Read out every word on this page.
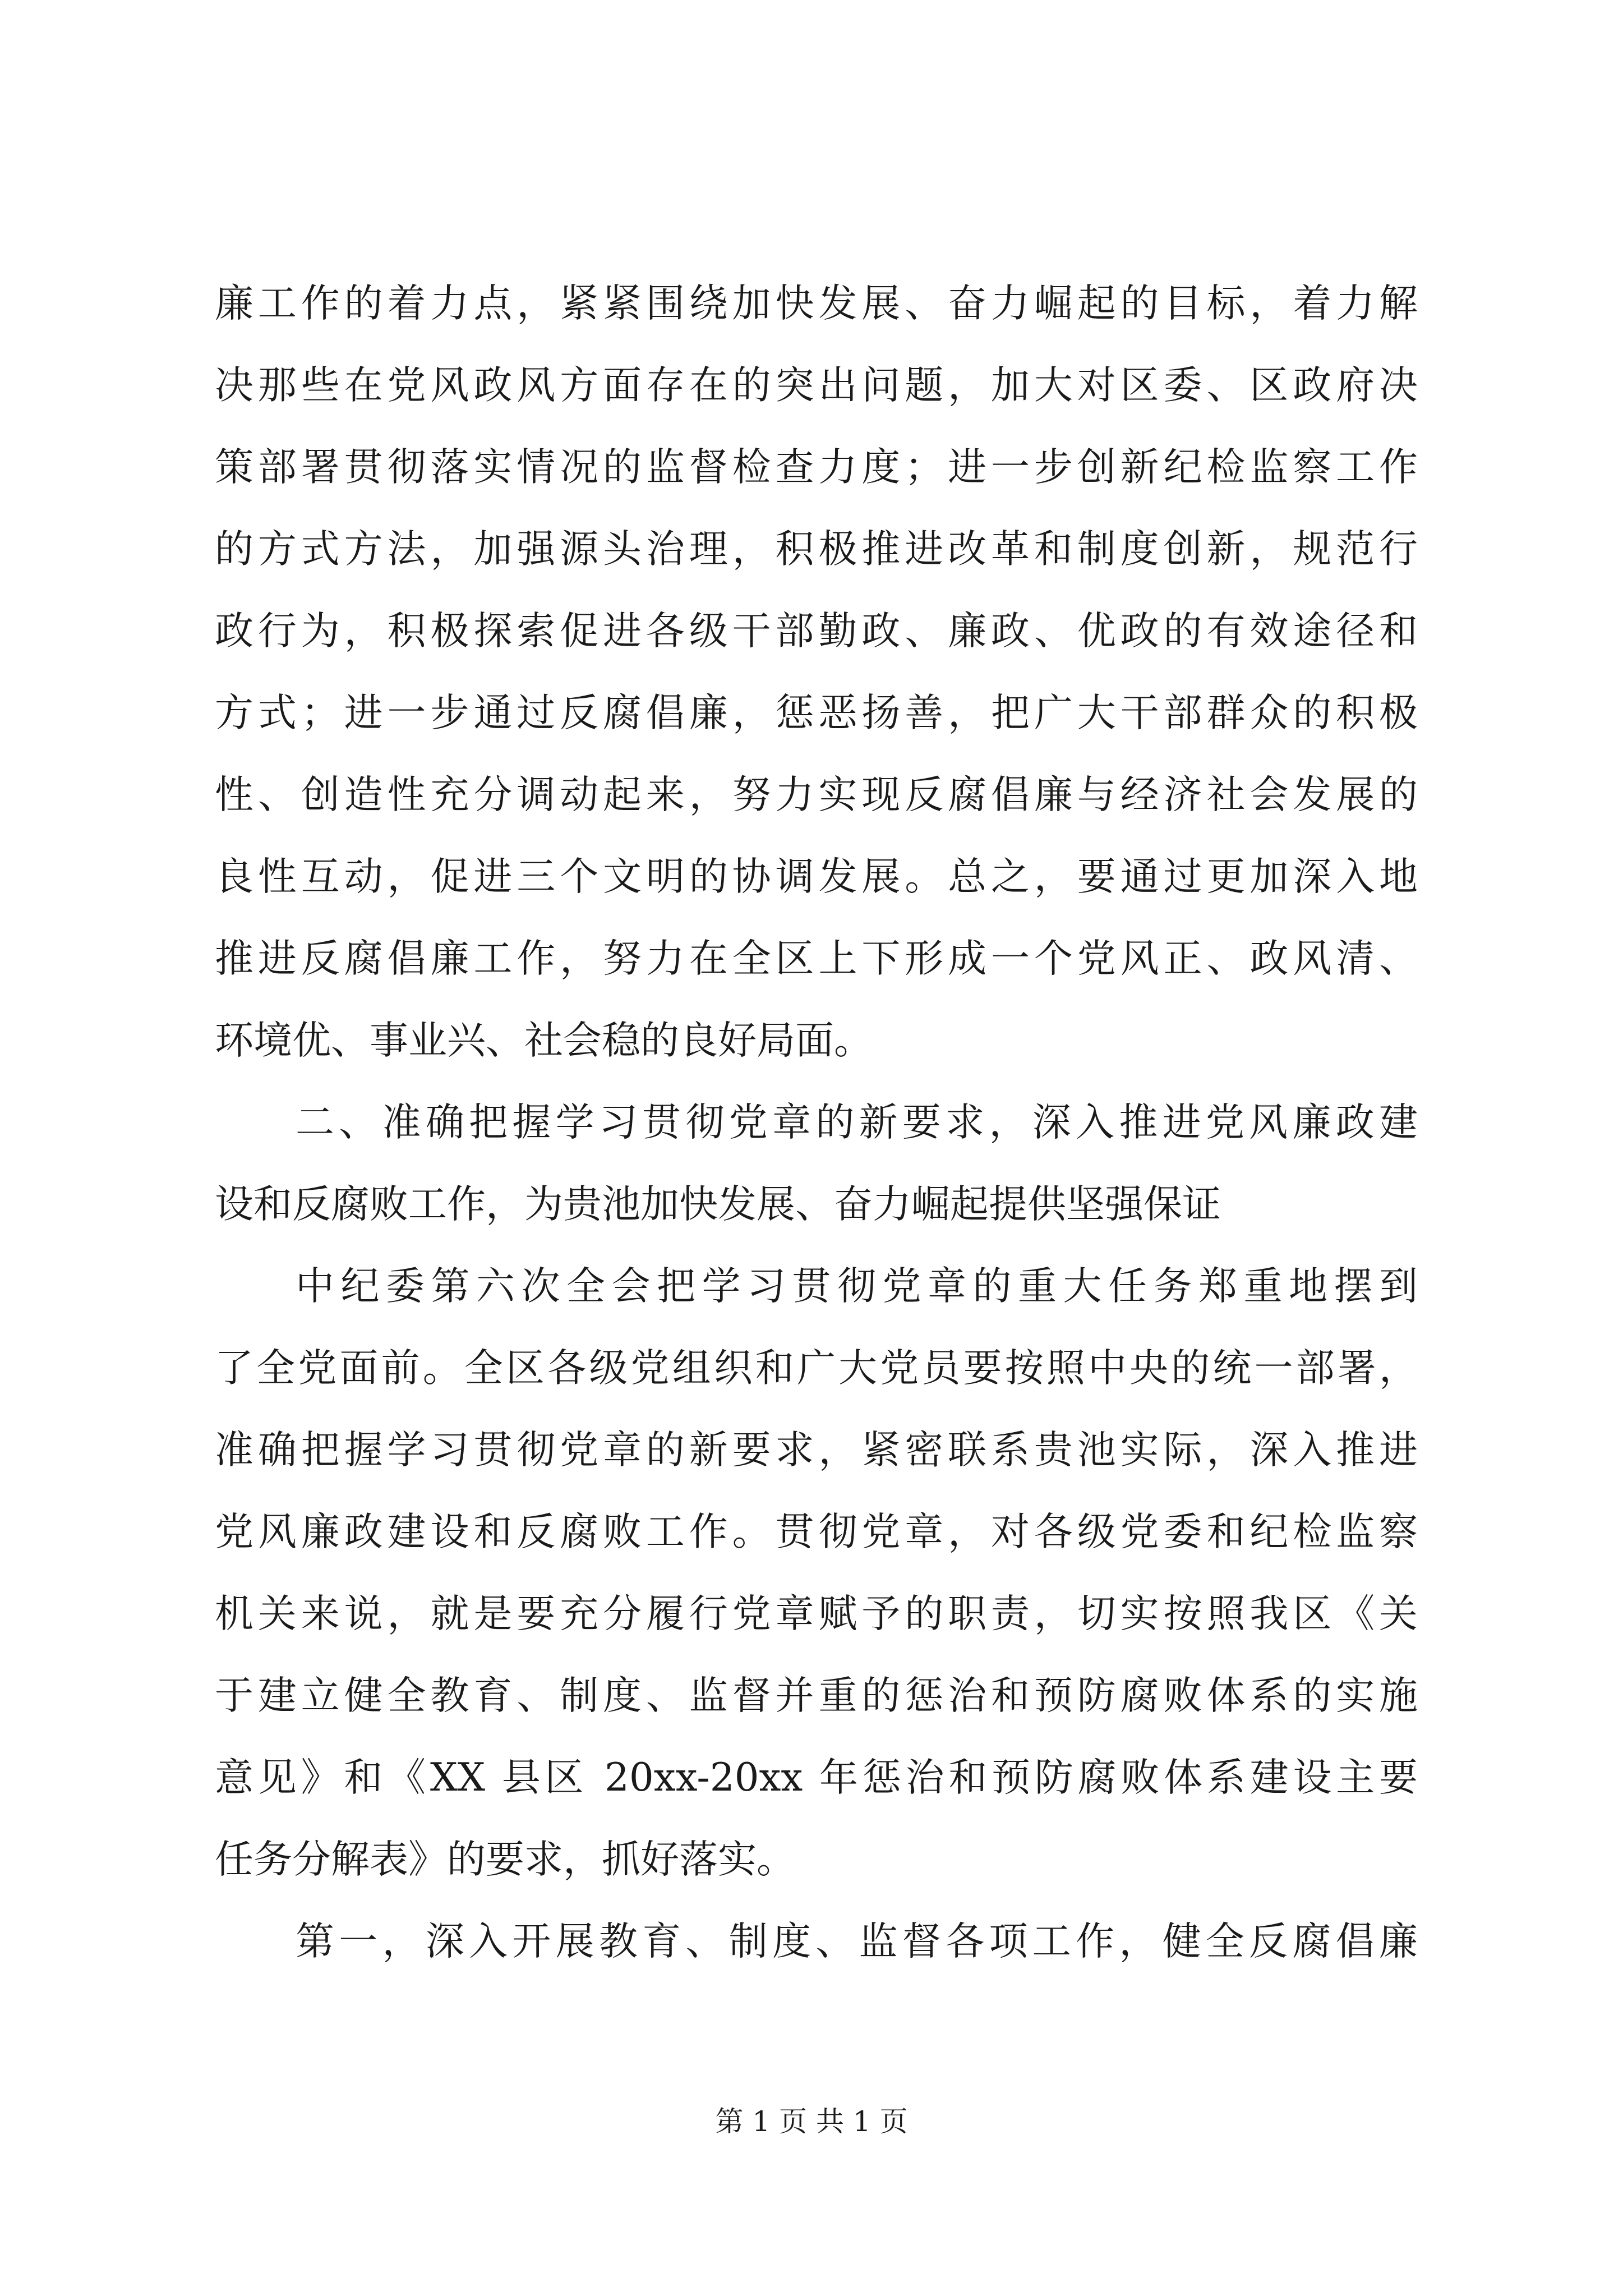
廉工作的着力点，紧紧围绕加快发展、奋力崛起的目标，着力解
决那些在党风政风方面存在的突出问题，加大对区委、区政府决
策部署贯彻落实情况的监督检查力度；进一步创新纪检监察工作
的方式方法，加强源头治理，积极推进改革和制度创新，规范行
政行为，积极探索促进各级干部勤政、廉政、优政的有效途径和
方式；进一步通过反腐倡廉，惩恶扬善，把广大干部群众的积极
性、创造性充分调动起来，努力实现反腐倡廉与经济社会发展的
良性互动，促进三个文明的协调发展。总之，要通过更加深入地
推进反腐倡廉工作，努力在全区上下形成一个党风正、政风清、
环境优、事业兴、社会稳的良好局面。
二、准确把握学习贯彻党章的新要求，深入推进党风廉政建
设和反腐败工作，为贵池加快发展、奋力崛起提供坚强保证
中纪委第六次全会把学习贯彻党章的重大任务郑重地摆到
了全党面前。全区各级党组织和广大党员要按照中央的统一部署，
准确把握学习贯彻党章的新要求，紧密联系贵池实际，深入推进
党风廉政建设和反腐败工作。贯彻党章，对各级党委和纪检监察
机关来说，就是要充分履行党章赋予的职责，切实按照我区《关
于建立健全教育、制度、监督并重的惩治和预防腐败体系的实施
意见》和《XX 县区 20xx-20xx 年惩治和预防腐败体系建设主要
任务分解表》的要求，抓好落实。
第一，深入开展教育、制度、监督各项工作，健全反腐倡廉
第 1 页 共 1 页
